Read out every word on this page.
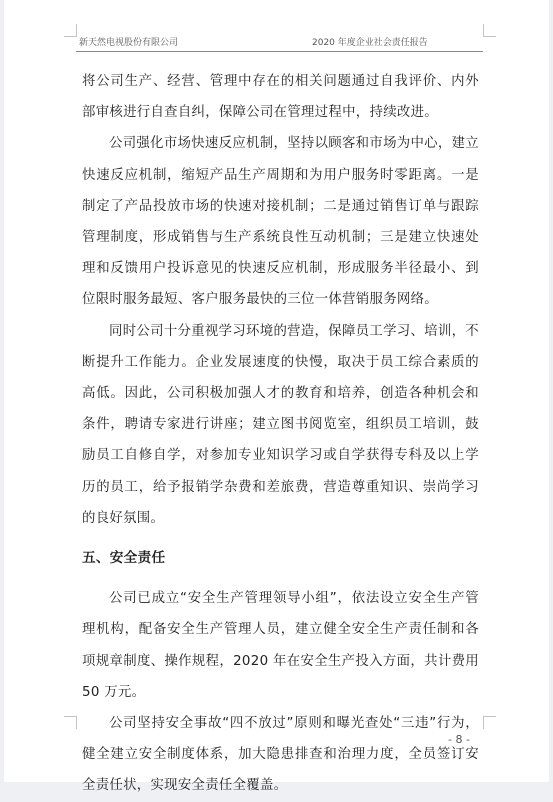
新天然电视股份有限公司	2020 年度企业社会责任报告

将公司生产、经营、管理中存在的相关问题通过自我评价、内外部审核进行自查自纠，保障公司在管理过程中，持续改进。

公司强化市场快速反应机制，坚持以顾客和市场为中心，建立快速反应机制，缩短产品生产周期和为用户服务时零距离。一是制定了产品投放市场的快速对接机制；二是通过销售订单与跟踪管理制度，形成销售与生产系统良性互动机制；三是建立快速处理和反馈用户投诉意见的快速反应机制，形成服务半径最小、到位限时服务最短、客户服务最快的三位一体营销服务网络。

同时公司十分重视学习环境的营造，保障员工学习、培训，不断提升工作能力。企业发展速度的快慢，取决于员工综合素质的高低。因此，公司积极加强人才的教育和培养，创造各种机会和条件，聘请专家进行讲座；建立图书阅览室，组织员工培训，鼓励员工自修自学，对参加专业知识学习或自学获得专科及以上学历的员工，给予报销学杂费和差旅费，营造尊重知识、崇尚学习的良好氛围。

五、安全责任

公司已成立“安全生产管理领导小组”，依法设立安全生产管理机构，配备安全生产管理人员，建立健全安全生产责任制和各项规章制度、操作规程，2020 年在安全生产投入方面，共计费用 50 万元。

公司坚持安全事故“四不放过”原则和曝光查处“三违”行为，健全建立安全制度体系，加大隐患排查和治理力度，全员签订安全责任状，实现安全责任全覆盖。

- 8 -
